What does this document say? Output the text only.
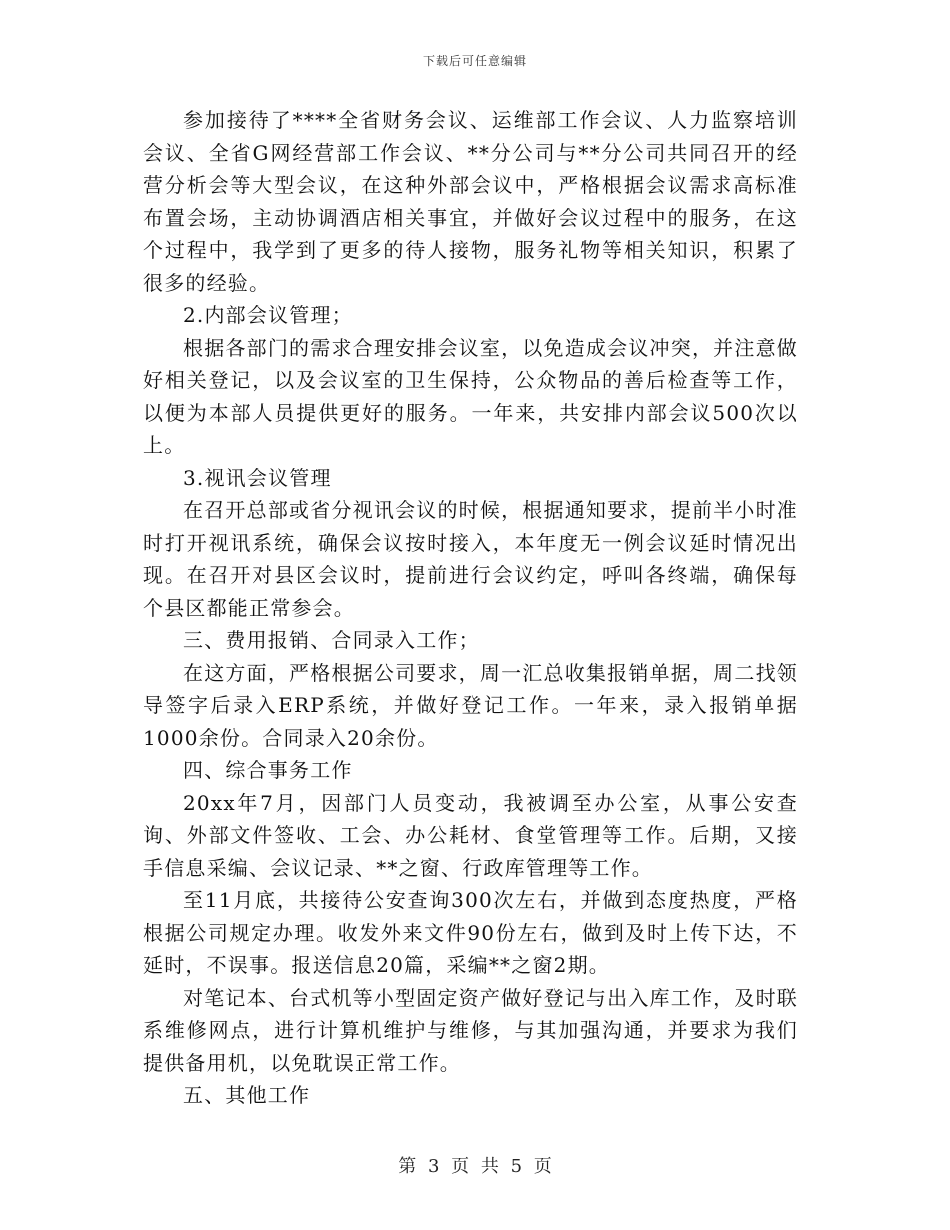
下载后可任意编辑

参加接待了****全省财务会议、运维部工作会议、人力监察培训会议、全省G网经营部工作会议、**分公司与**分公司共同召开的经营分析会等大型会议，在这种外部会议中，严格根据会议需求高标准布置会场，主动协调酒店相关事宜，并做好会议过程中的服务，在这个过程中，我学到了更多的待人接物，服务礼物等相关知识，积累了很多的经验。

2.内部会议管理；

根据各部门的需求合理安排会议室，以免造成会议冲突，并注意做好相关登记，以及会议室的卫生保持，公众物品的善后检查等工作，以便为本部人员提供更好的服务。一年来，共安排内部会议500次以上。

3.视讯会议管理

在召开总部或省分视讯会议的时候，根据通知要求，提前半小时准时打开视讯系统，确保会议按时接入，本年度无一例会议延时情况出现。在召开对县区会议时，提前进行会议约定，呼叫各终端，确保每个县区都能正常参会。

三、费用报销、合同录入工作；

在这方面，严格根据公司要求，周一汇总收集报销单据，周二找领导签字后录入ERP系统，并做好登记工作。一年来，录入报销单据1000余份。合同录入20余份。

四、综合事务工作

20xx年7月，因部门人员变动，我被调至办公室，从事公安查询、外部文件签收、工会、办公耗材、食堂管理等工作。后期，又接手信息采编、会议记录、**之窗、行政库管理等工作。

至11月底，共接待公安查询300次左右，并做到态度热度，严格根据公司规定办理。收发外来文件90份左右，做到及时上传下达，不延时，不误事。报送信息20篇，采编**之窗2期。

对笔记本、台式机等小型固定资产做好登记与出入库工作，及时联系维修网点，进行计算机维护与维修，与其加强沟通，并要求为我们提供备用机，以免耽误正常工作。

五、其他工作

第 3 页 共 5 页
